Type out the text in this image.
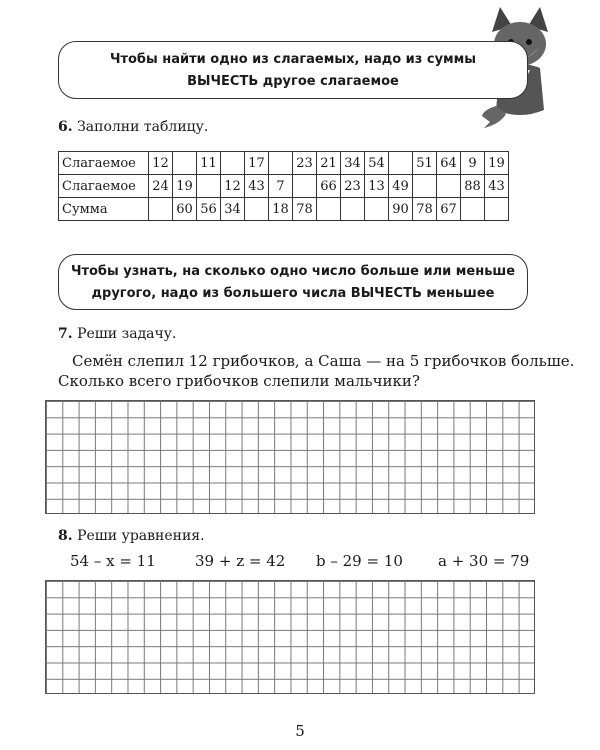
Чтобы найти одно из слагаемых, надо из суммы
ВЫЧЕСТЬ другое слагаемое
6. Заполни таблицу.
Слагаемое	12		11		17		23	21	34	54		51	64	9	19
Слагаемое	24	19		12	43	7		66	23	13	49			88	43
Сумма		60	56	34		18	78				90	78	67		
Чтобы узнать, на сколько одно число больше или меньше
другого, надо из большего числа ВЫЧЕСТЬ меньшее
7. Реши задачу.
Семён слепил 12 грибочков, а Саша — на 5 грибочков больше.
Сколько всего грибочков слепили мальчики?
8. Реши уравнения.
54 – x = 11	39 + z = 42 b – 29 = 10 a + 30 = 79
5
